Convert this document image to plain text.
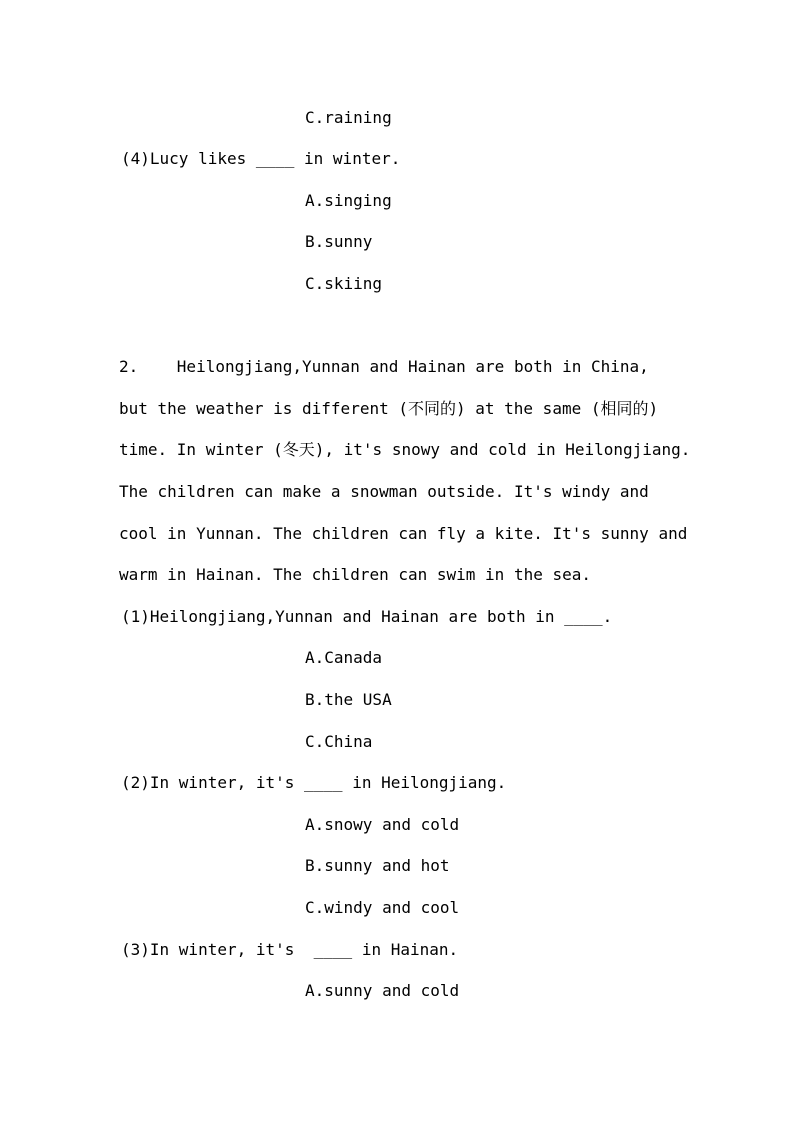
C.raining
(4)Lucy likes ____ in winter.
A.singing
B.sunny
C.skiing
2.    Heilongjiang,Yunnan and Hainan are both in China,
but the weather is different (不同的) at the same (相同的)
time. In winter (冬天), it's snowy and cold in Heilongjiang.
The children can make a snowman outside. It's windy and
cool in Yunnan. The children can fly a kite. It's sunny and
warm in Hainan. The children can swim in the sea.
(1)Heilongjiang,Yunnan and Hainan are both in ____.
A.Canada
B.the USA
C.China
(2)In winter, it's ____ in Heilongjiang.
A.snowy and cold
B.sunny and hot
C.windy and cool
(3)In winter, it's  ____ in Hainan.
A.sunny and cold
